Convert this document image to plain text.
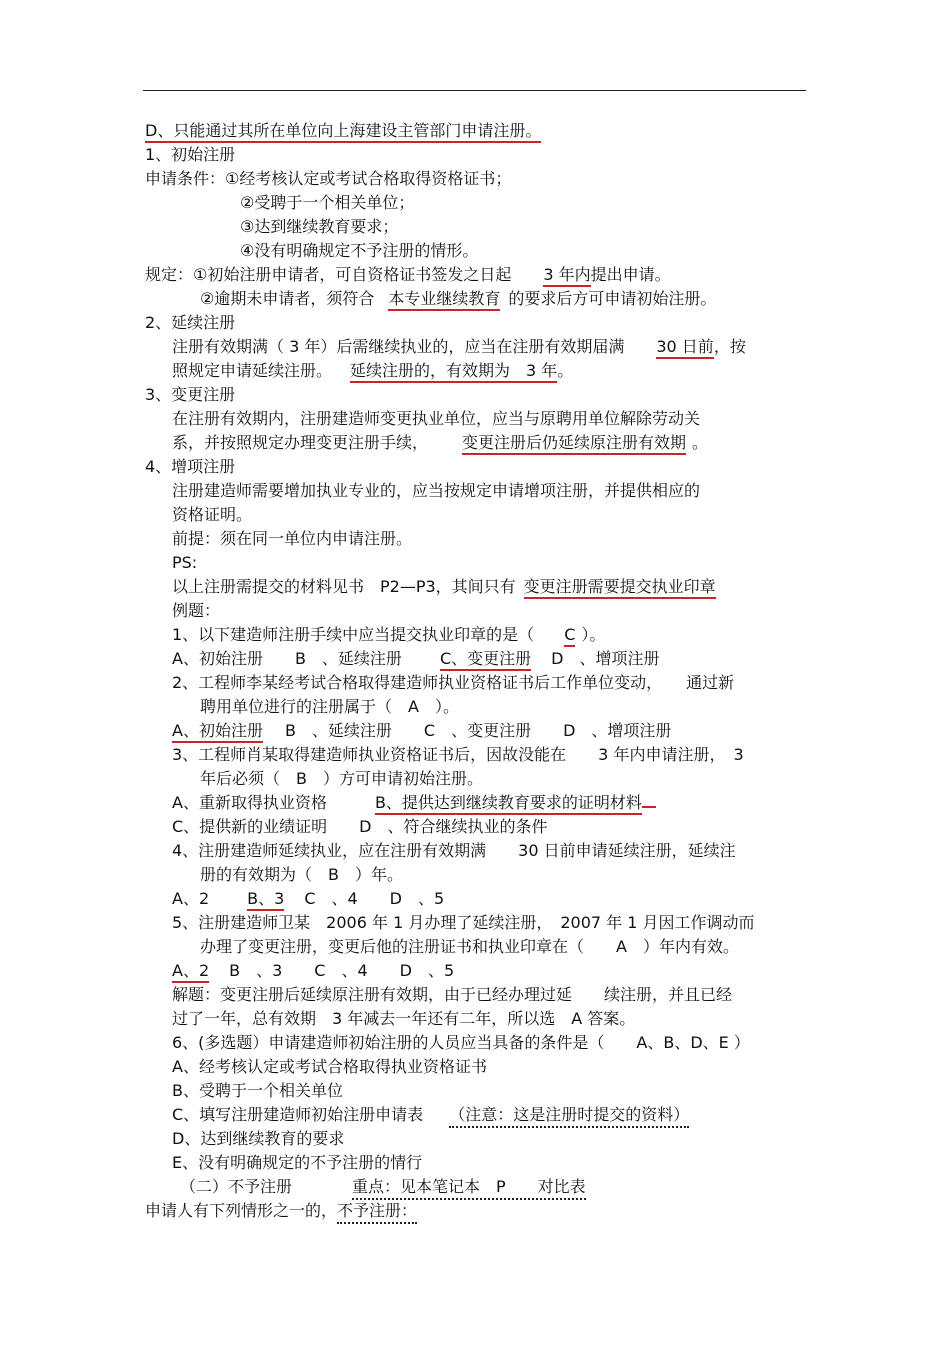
D、只能通过其所在单位向上海建设主管部门申请注册。
1、初始注册
申请条件：①经考核认定或考试合格取得资格证书；
②受聘于一个相关单位；
③达到继续教育要求；
④没有明确规定不予注册的情形。
规定：①初始注册申请者，可自资格证书签发之日起 3 年内提出申请。
②逾期未申请者，须符合 本专业继续教育 的要求后方可申请初始注册。
2、延续注册
注册有效期满（ 3 年）后需继续执业的，应当在注册有效期届满 30 日前，按
照规定申请延续注册。 延续注册的，有效期为　3 年。
3、变更注册
在注册有效期内，注册建造师变更执业单位，应当与原聘用单位解除劳动关
系，并按照规定办理变更注册手续， 变更注册后仍延续原注册有效期 。
4、增项注册
注册建造师需要增加执业专业的，应当按规定申请增项注册，并提供相应的
资格证明。
前提：须在同一单位内申请注册。
PS:
以上注册需提交的材料见书　P2—P3，其间只有 变更注册需要提交执业印章
例题：
1、以下建造师注册手续中应当提交执业印章的是（ C ）。
A、初始注册　　B　、延续注册 C、变更注册 D　、增项注册
2、工程师李某经考试合格取得建造师执业资格证书后工作单位变动，　　通过新
聘用单位进行的注册属于（　A　）。
A、初始注册 B　、延续注册　　C　、变更注册　　D　、增项注册
3、工程师肖某取得建造师执业资格证书后，因故没能在　　3 年内申请注册，　3
年后必须（　B　）方可申请初始注册。
A、重新取得执业资格	B、提供达到继续教育要求的证明材料
C、提供新的业绩证明　　D　、符合继续执业的条件
4、注册建造师延续执业，应在注册有效期满　　30 日前申请延续注册，延续注
册的有效期为（　B　）年。
A、2 B、3 C　、4　　D　、5
5、注册建造师卫某　2006 年 1 月办理了延续注册，　2007 年 1 月因工作调动而
办理了变更注册，变更后他的注册证书和执业印章在（　　A　）年内有效。
A、2 B　、3　　C　、4　　D　、5
解题：变更注册后延续原注册有效期，由于已经办理过延　　续注册，并且已经
过了一年，总有效期　3 年减去一年还有二年，所以选　A 答案。
6、(多选题）申请建造师初始注册的人员应当具备的条件是（　　A、B、D、E ）
A、经考核认定或考试合格取得执业资格证书
B、受聘于一个相关单位
C、填写注册建造师初始注册申请表　（注意：这是注册时提交的资料）
D、达到继续教育的要求
E、没有明确规定的不予注册的情行
（二）不予注册　　　重点：见本笔记本　P　　对比表
申请人有下列情形之一的，不予注册：
